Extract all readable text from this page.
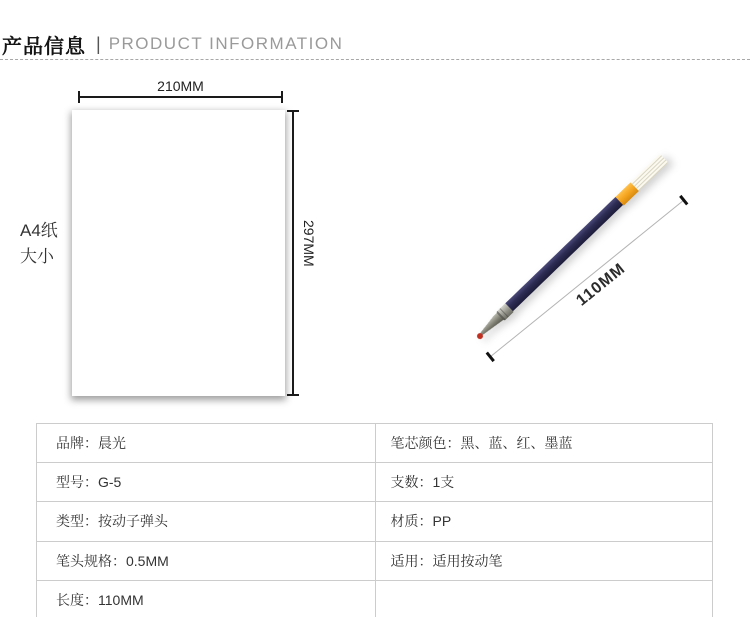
产品信息 | PRODUCT INFORMATION
210MM
297MM
A4纸
大小
110MM
品牌：晨光	笔芯颜色：黑、蓝、红、墨蓝
型号：G-5	支数：1支
类型：按动子弹头	材质：PP
笔头规格：0.5MM	适用：适用按动笔
长度：110MM
